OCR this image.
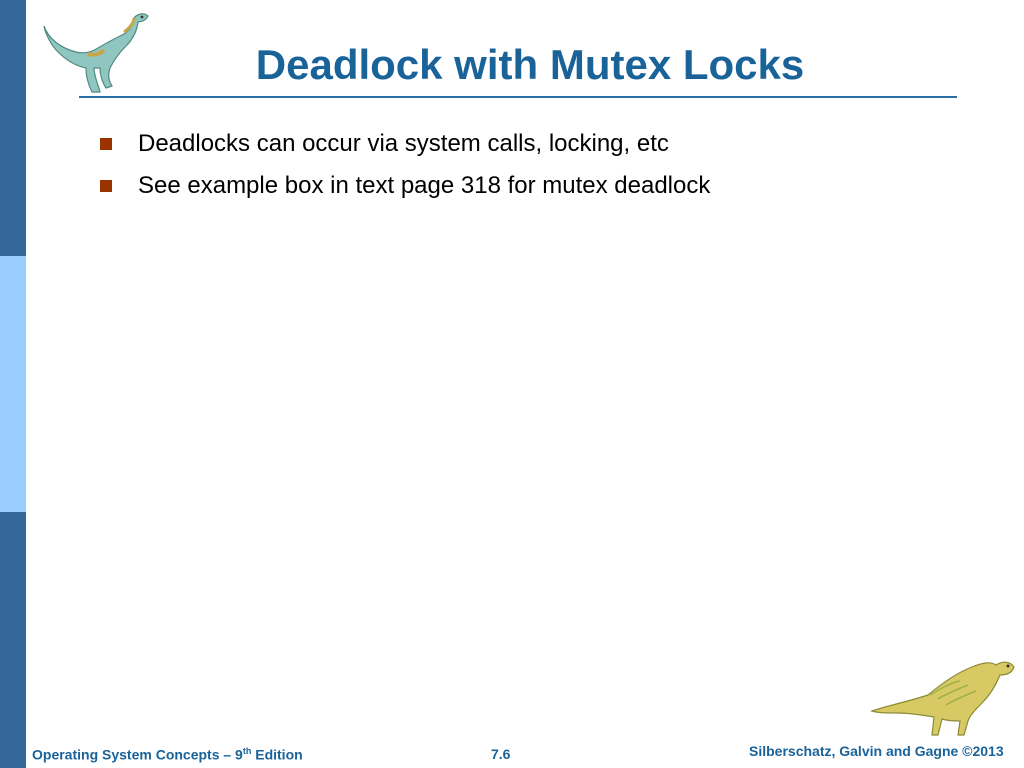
Deadlock with Mutex Locks
Deadlocks can occur via system calls, locking, etc
See example box in text page 318 for mutex deadlock
Operating System Concepts – 9th Edition	7.6	Silberschatz, Galvin and Gagne ©2013
